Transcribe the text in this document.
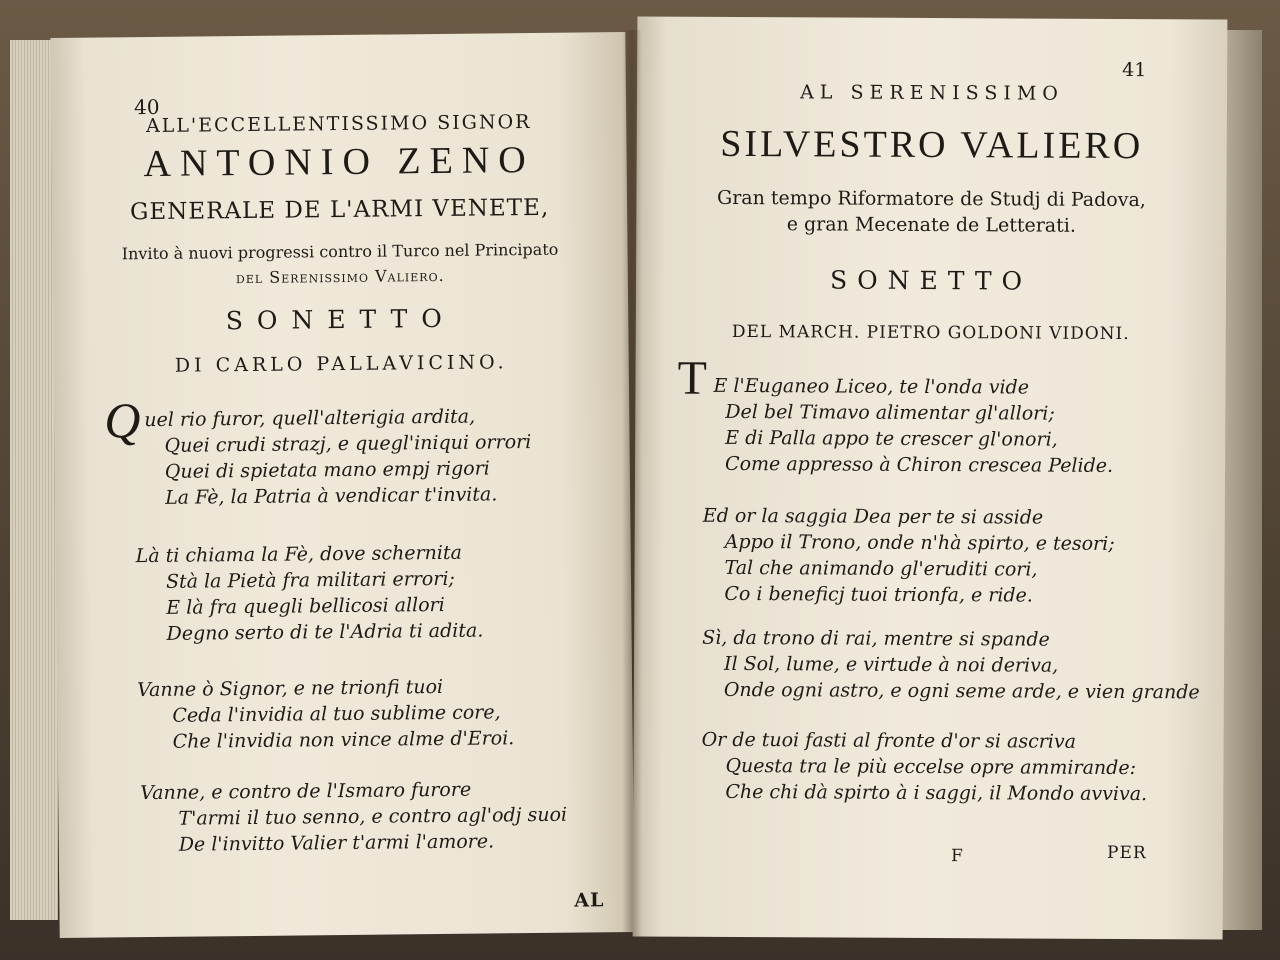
40
ALL'ECCELLENTISSIMO SIGNOR
ANTONIO ZENO
GENERALE DE L'ARMI VENETE,
Invito à nuovi progressi contro il Turco nel Principato
del Serenissimo Valiero.
SONETTO
DI CARLO PALLAVICINO.
Q uel rio furor, quell'alterigia ardita,
Quei crudi strazj, e quegl'iniqui orrori
Quei di spietata mano empj rigori
La Fè, la Patria à vendicar t'invita.
Là ti chiama la Fè, dove schernita
Stà la Pietà fra militari errori;
E là fra quegli bellicosi allori
Degno serto di te l'Adria ti adita.
Vanne ò Signor, e ne trionfi tuoi
Ceda l'invidia al tuo sublime core,
Che l'invidia non vince alme d'Eroi.
Vanne, e contro de l'Ismaro furore
T'armi il tuo senno, e contro agl'odj suoi
De l'invitto Valier t'armi l'amore.
AL
41
AL SERENISSIMO
SILVESTRO VALIERO
Gran tempo Riformatore de Studj di Padova,
e gran Mecenate de Letterati.
SONETTO
DEL MARCH. PIETRO GOLDONI VIDONI.
T E l'Euganeo Liceo, te l'onda vide
Del bel Timavo alimentar gl'allori;
E di Palla appo te crescer gl'onori,
Come appresso à Chiron crescea Pelide.
Ed or la saggia Dea per te si asside
Appo il Trono, onde n'hà spirto, e tesori;
Tal che animando gl'eruditi cori,
Co i beneficj tuoi trionfa, e ride.
Sì, da trono di rai, mentre si spande
Il Sol, lume, e virtude à noi deriva,
Onde ogni astro, e ogni seme arde, e vien grande
Or de tuoi fasti al fronte d'or si ascriva
Questa tra le più eccelse opre ammirande:
Che chi dà spirto à i saggi, il Mondo avviva.
F	PER
